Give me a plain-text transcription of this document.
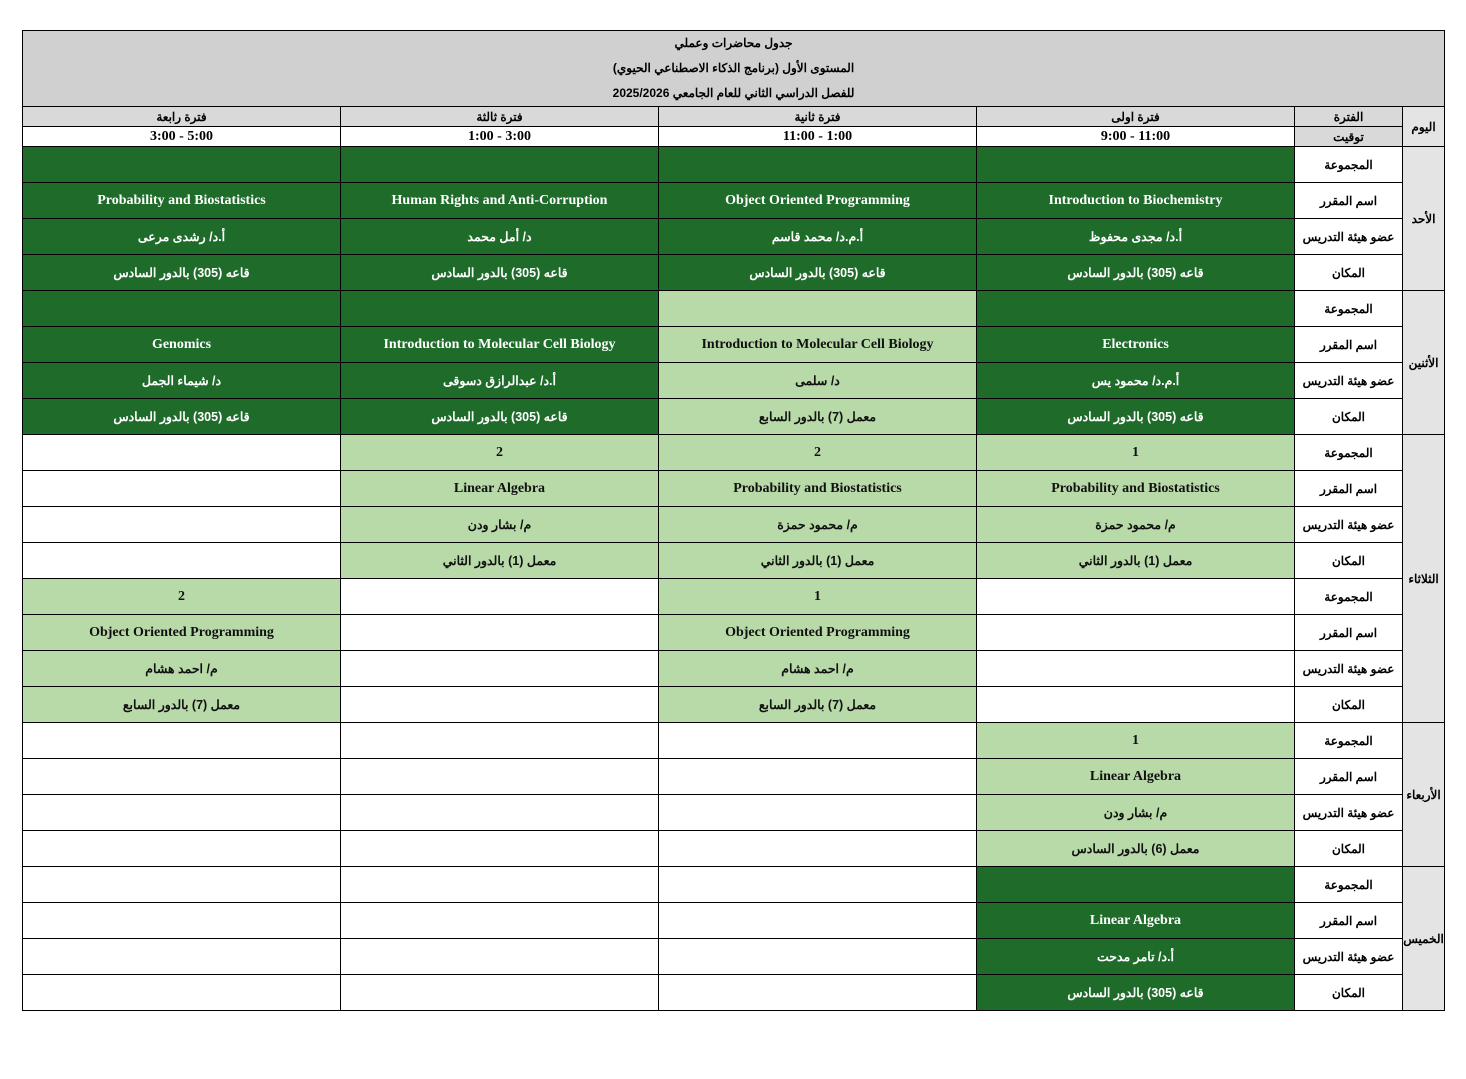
جدول محاضرات وعملي
المستوى الأول (برنامج الذكاء الاصطناعي الحيوي)
للفصل الدراسي الثاني للعام الجامعي 2025/2026					

فترة رابعة	فترة ثالثة	فترة ثانية	فترة اولى	الفترة	اليوم
3:00 - 5:00	1:00 - 3:00	11:00 - 1:00	9:00 - 11:00	توقيت	
				المجموعة	الأحد
Probability and Biostatistics	Human Rights and Anti-Corruption	Object Oriented Programming	Introduction to Biochemistry	اسم المقرر	
أ.د/ رشدى مرعى	د/ أمل محمد	أ.م.د/ محمد قاسم	أ.د/ مجدى محفوظ	عضو هيئة التدريس	
قاعه (305) بالدور السادس	قاعه (305) بالدور السادس	قاعه (305) بالدور السادس	قاعه (305) بالدور السادس	المكان	
				المجموعة	الأثنين
Genomics	Introduction to Molecular Cell Biology	Introduction to Molecular Cell Biology	Electronics	اسم المقرر	
د/ شيماء الجمل	أ.د/ عبدالرازق دسوقى	د/ سلمى	أ.م.د/ محمود يس	عضو هيئة التدريس	
قاعه (305) بالدور السادس	قاعه (305) بالدور السادس	معمل (7) بالدور السابع	قاعه (305) بالدور السادس	المكان	
	2	2	1	المجموعة	الثلاثاء
	Linear Algebra	Probability and Biostatistics	Probability and Biostatistics	اسم المقرر	
	م/ بشار ودن	م/ محمود حمزة	م/ محمود حمزة	عضو هيئة التدريس	
	معمل (1) بالدور الثاني	معمل (1) بالدور الثاني	معمل (1) بالدور الثاني	المكان	
2		1		المجموعة	
Object Oriented Programming		Object Oriented Programming		اسم المقرر	
م/ احمد هشام		م/ احمد هشام		عضو هيئة التدريس	
معمل (7) بالدور السابع		معمل (7) بالدور السابع		المكان	
			1	المجموعة	الأربعاء
			Linear Algebra	اسم المقرر	
			م/ بشار ودن	عضو هيئة التدريس	
			معمل (6) بالدور السادس	المكان	
				المجموعة	الخميس
			Linear Algebra	اسم المقرر	
			أ.د/ تامر مدحت	عضو هيئة التدريس	
			قاعه (305) بالدور السادس	المكان	
